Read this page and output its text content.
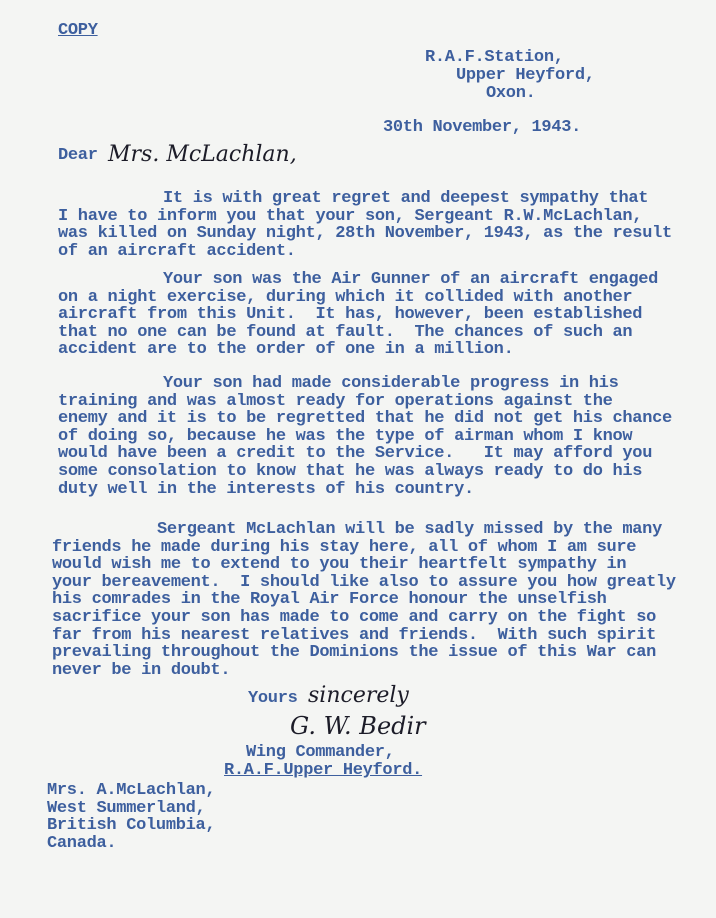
COPY
R.A.F.Station,
Upper Heyford,
Oxon.
30th November, 1943.
Dear Mrs. McLachlan,
It is with great regret and deepest sympathy that
I have to inform you that your son, Sergeant R.W.McLachlan,
was killed on Sunday night, 28th November, 1943, as the result
of an aircraft accident.
Your son was the Air Gunner of an aircraft engaged
on a night exercise, during which it collided with another
aircraft from this Unit.  It has, however, been established
that no one can be found at fault.  The chances of such an
accident are to the order of one in a million.
Your son had made considerable progress in his
training and was almost ready for operations against the
enemy and it is to be regretted that he did not get his chance
of doing so, because he was the type of airman whom I know
would have been a credit to the Service.   It may afford you
some consolation to know that he was always ready to do his
duty well in the interests of his country.
Sergeant McLachlan will be sadly missed by the many
friends he made during his stay here, all of whom I am sure
would wish me to extend to you their heartfelt sympathy in
your bereavement.  I should like also to assure you how greatly
his comrades in the Royal Air Force honour the unselfish
sacrifice your son has made to come and carry on the fight so
far from his nearest relatives and friends.  With such spirit
prevailing throughout the Dominions the issue of this War can
never be in doubt.
Yours sincerely
G. W. Bedir
Wing Commander,
R.A.F.Upper Heyford.
Mrs. A.McLachlan,
West Summerland,
British Columbia,
Canada.
